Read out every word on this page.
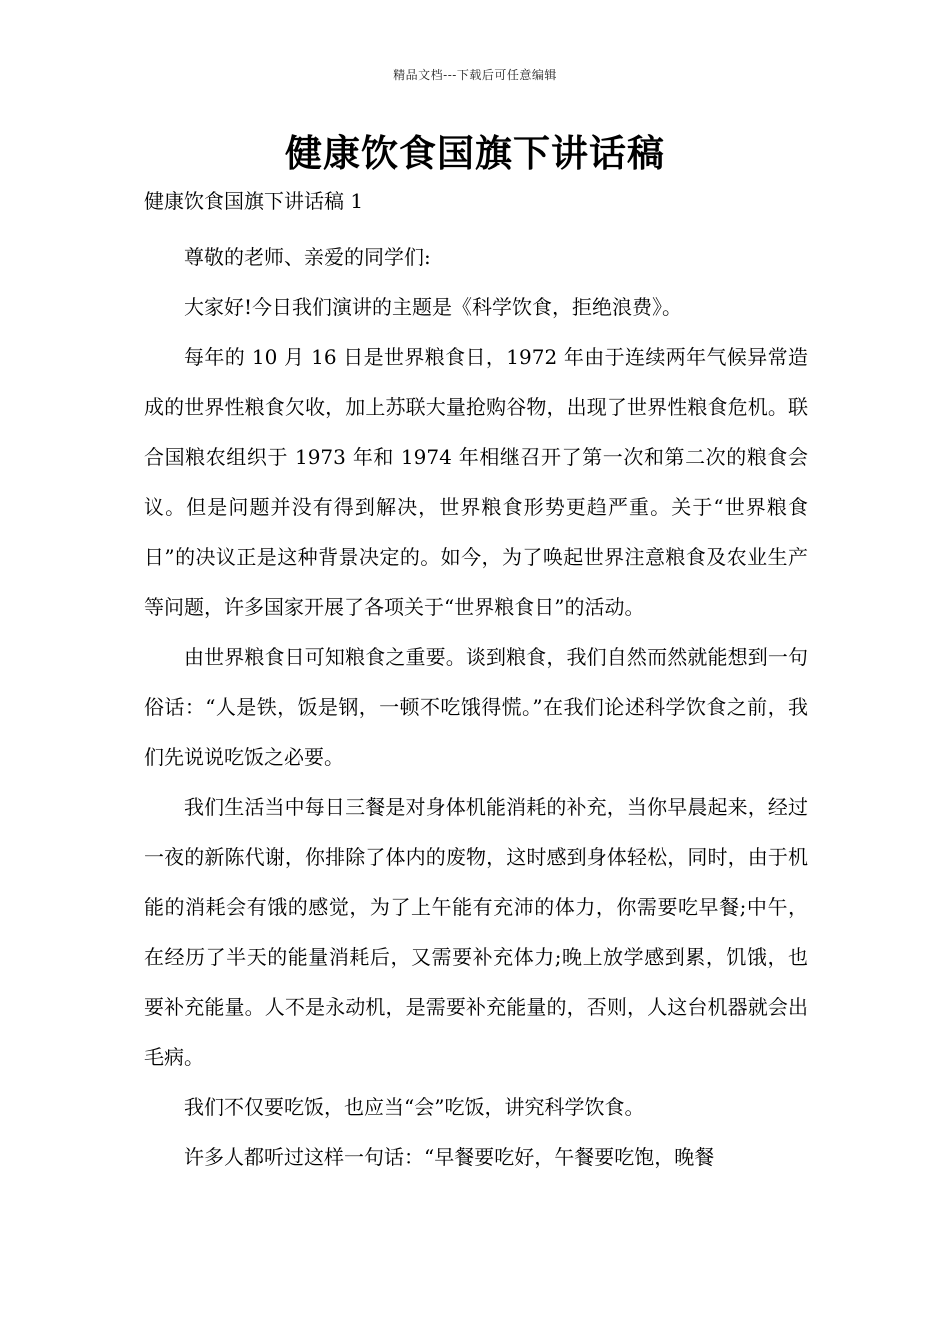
精品文档---下载后可任意编辑
健康饮食国旗下讲话稿
健康饮食国旗下讲话稿 1

尊敬的老师、亲爱的同学们:

大家好!今日我们演讲的主题是《科学饮食，拒绝浪费》。

每年的 10 月 16 日是世界粮食日，1972 年由于连续两年气候异常造成的世界性粮食欠收，加上苏联大量抢购谷物，出现了世界性粮食危机。联合国粮农组织于 1973 年和 1974 年相继召开了第一次和第二次的粮食会议。但是问题并没有得到解决，世界粮食形势更趋严重。关于“世界粮食日”的决议正是这种背景决定的。如今，为了唤起世界注意粮食及农业生产等问题，许多国家开展了各项关于“世界粮食日”的活动。

由世界粮食日可知粮食之重要。谈到粮食，我们自然而然就能想到一句俗话：“人是铁，饭是钢，一顿不吃饿得慌。”在我们论述科学饮食之前，我们先说说吃饭之必要。

我们生活当中每日三餐是对身体机能消耗的补充，当你早晨起来，经过一夜的新陈代谢，你排除了体内的废物，这时感到身体轻松，同时，由于机能的消耗会有饿的感觉，为了上午能有充沛的体力，你需要吃早餐;中午，在经历了半天的能量消耗后，又需要补充体力;晚上放学感到累，饥饿，也要补充能量。人不是永动机，是需要补充能量的，否则，人这台机器就会出毛病。

我们不仅要吃饭，也应当“会”吃饭，讲究科学饮食。

许多人都听过这样一句话：“早餐要吃好，午餐要吃饱，晚餐
